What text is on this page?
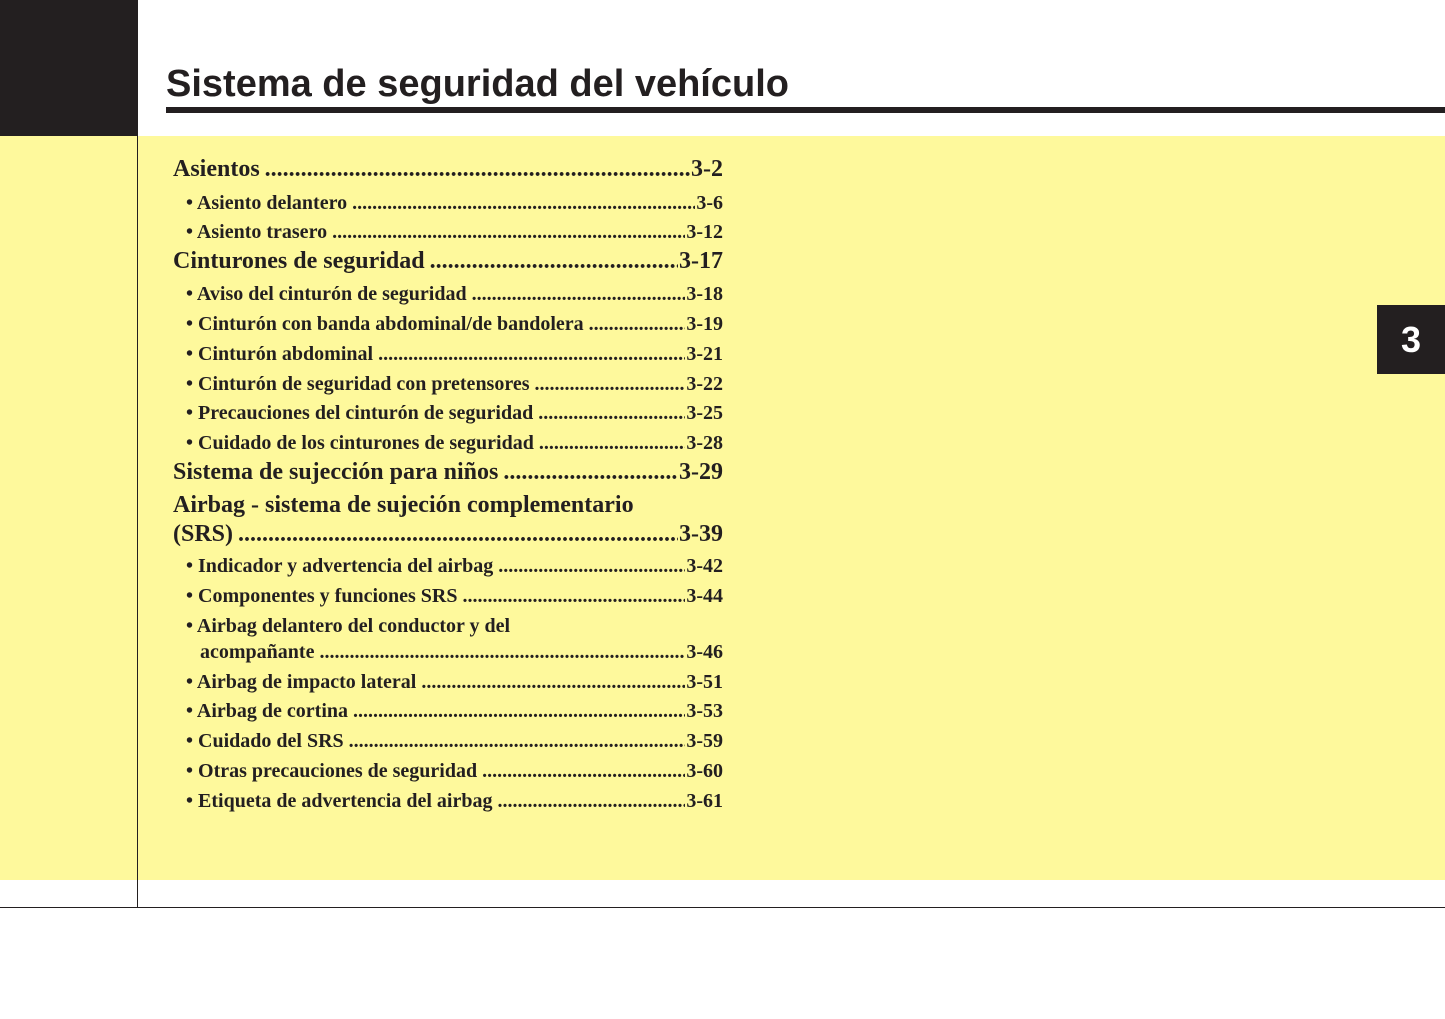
Sistema de seguridad del vehículo
Asientos .....	3-2
• Asiento delantero .....	3-6
• Asiento trasero .....	3-12
Cinturones de seguridad .....	3-17
• Aviso del cinturón de seguridad .....	3-18
• Cinturón con banda abdominal/de bandolera .....	3-19
• Cinturón abdominal .....	3-21
• Cinturón de seguridad con pretensores .....	3-22
• Precauciones del cinturón de seguridad .....	3-25
• Cuidado de los cinturones de seguridad .....	3-28
Sistema de sujección para niños .....	3-29
Airbag - sistema de sujeción complementario
(SRS) .....	3-39
• Indicador y advertencia del airbag .....	3-42
• Componentes y funciones SRS .....	3-44
• Airbag delantero del conductor y del
acompañante .....	3-46
• Airbag de impacto lateral .....	3-51
• Airbag de cortina .....	3-53
• Cuidado del SRS .....	3-59
• Otras precauciones de seguridad .....	3-60
• Etiqueta de advertencia del airbag .....	3-61
3
